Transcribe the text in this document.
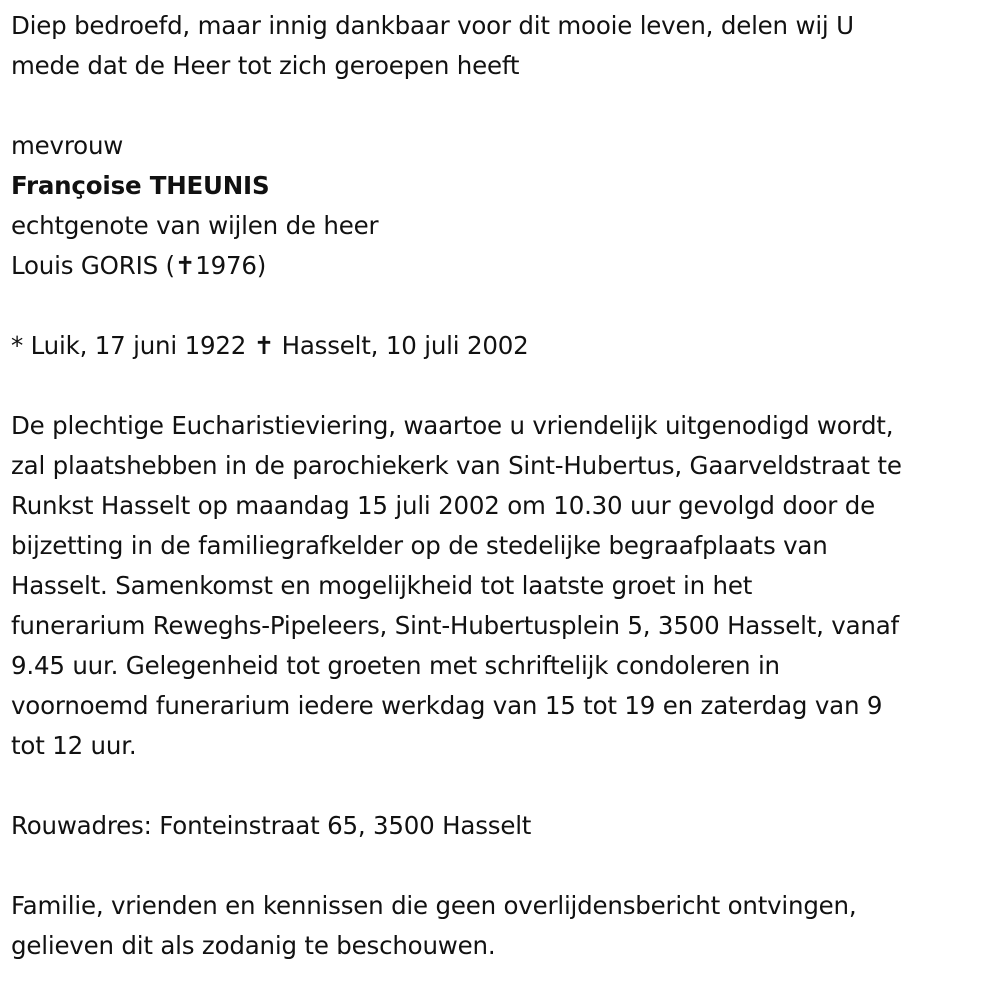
Diep bedroefd, maar innig dankbaar voor dit mooie leven, delen wij U
mede dat de Heer tot zich geroepen heeft

mevrouw
Françoise THEUNIS
echtgenote van wijlen de heer
Louis GORIS (✝1976)

* Luik, 17 juni 1922 ✝ Hasselt, 10 juli 2002

De plechtige Eucharistieviering, waartoe u vriendelijk uitgenodigd wordt,
zal plaatshebben in de parochiekerk van Sint-Hubertus, Gaarveldstraat te
Runkst Hasselt op maandag 15 juli 2002 om 10.30 uur gevolgd door de
bijzetting in de familiegrafkelder op de stedelijke begraafplaats van
Hasselt. Samenkomst en mogelijkheid tot laatste groet in het
funerarium Reweghs-Pipeleers, Sint-Hubertusplein 5, 3500 Hasselt, vanaf
9.45 uur. Gelegenheid tot groeten met schriftelijk condoleren in
voornoemd funerarium iedere werkdag van 15 tot 19 en zaterdag van 9
tot 12 uur.

Rouwadres: Fonteinstraat 65, 3500 Hasselt

Familie, vrienden en kennissen die geen overlijdensbericht ontvingen,
gelieven dit als zodanig te beschouwen.
